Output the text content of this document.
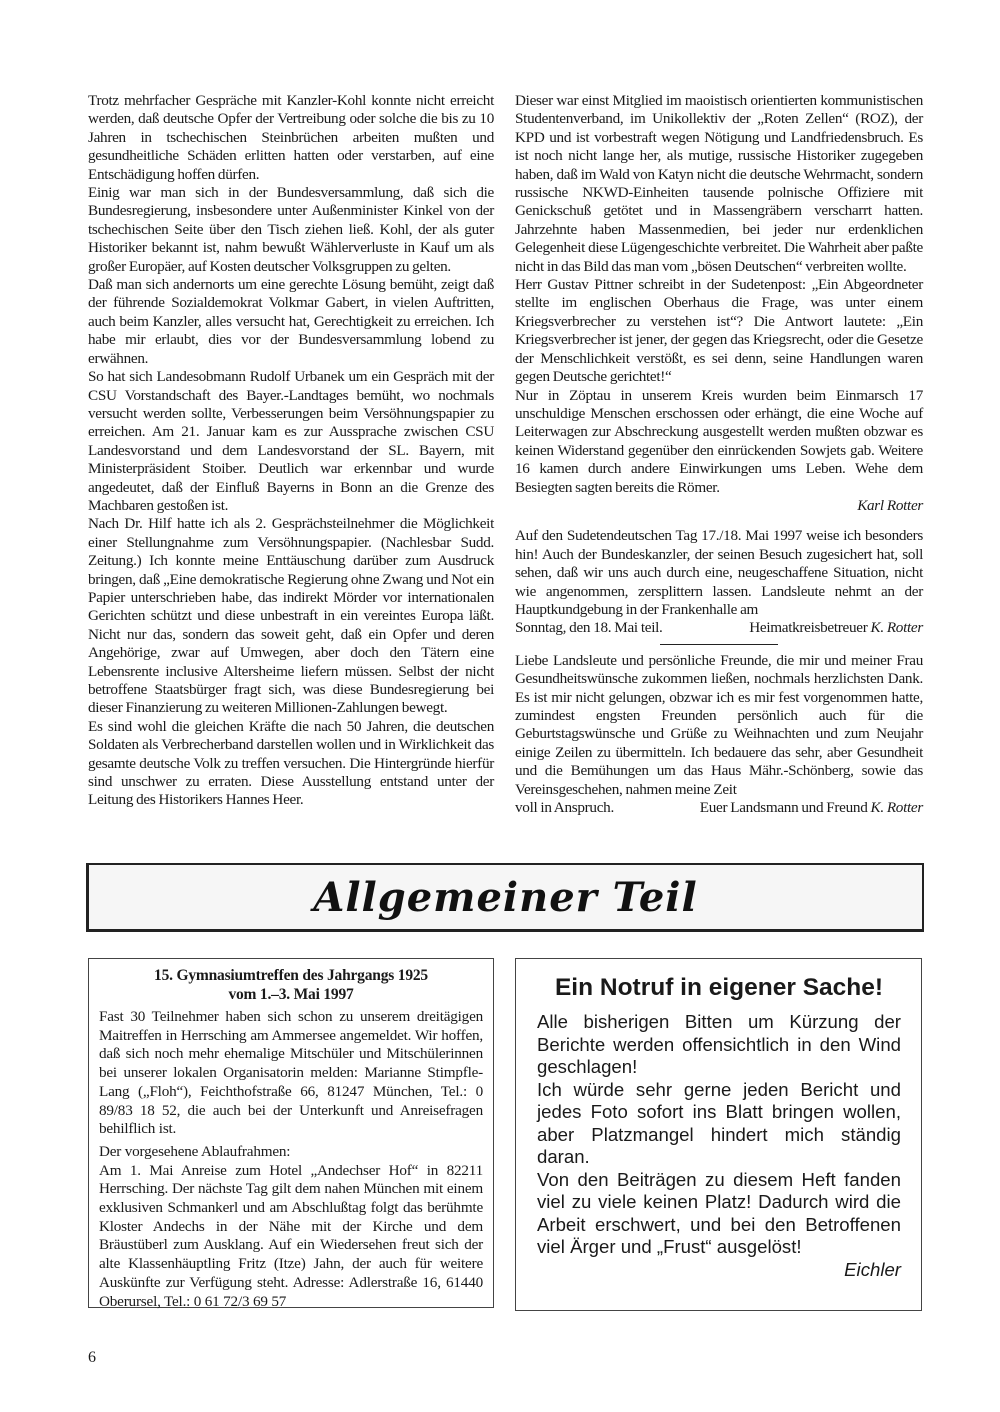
Trotz mehrfacher Gespräche mit Kanzler-Kohl konnte nicht erreicht werden, daß deutsche Opfer der Vertreibung oder solche die bis zu 10 Jahren in tschechischen Steinbrüchen arbeiten mußten und gesundheitliche Schäden erlitten hatten oder verstarben, auf eine Entschädigung hoffen dürfen.

Einig war man sich in der Bundesversammlung, daß sich die Bundesregierung, insbesondere unter Außenminister Kinkel von der tschechischen Seite über den Tisch ziehen ließ. Kohl, der als guter Historiker bekannt ist, nahm bewußt Wählerverluste in Kauf um als großer Europäer, auf Kosten deutscher Volksgruppen zu gelten.

Daß man sich andernorts um eine gerechte Lösung bemüht, zeigt daß der führende Sozialdemokrat Volkmar Gabert, in vielen Auftritten, auch beim Kanzler, alles versucht hat, Gerechtigkeit zu erreichen. Ich habe mir erlaubt, dies vor der Bundesversammlung lobend zu erwähnen.

So hat sich Landesobmann Rudolf Urbanek um ein Gespräch mit der CSU Vorstandschaft des Bayer.-Landtages bemüht, wo nochmals versucht werden sollte, Verbesserungen beim Versöhnungspapier zu erreichen. Am 21. Januar kam es zur Aussprache zwischen CSU Landesvorstand und dem Landesvorstand der SL. Bayern, mit Ministerpräsident Stoiber. Deutlich war erkennbar und wurde angedeutet, daß der Einfluß Bayerns in Bonn an die Grenze des Machbaren gestoßen ist.

Nach Dr. Hilf hatte ich als 2. Gesprächsteilnehmer die Möglichkeit einer Stellungnahme zum Versöhnungspapier. (Nachlesbar Sudd. Zeitung.) Ich konnte meine Enttäuschung darüber zum Ausdruck bringen, daß „Eine demokratische Regierung ohne Zwang und Not ein Papier unterschrieben habe, das indirekt Mörder vor internationalen Gerichten schützt und diese unbestraft in ein vereintes Europa läßt. Nicht nur das, sondern das soweit geht, daß ein Opfer und deren Angehörige, zwar auf Umwegen, aber doch den Tätern eine Lebensrente inclusive Altersheime liefern müssen. Selbst der nicht betroffene Staatsbürger fragt sich, was diese Bundesregierung bei dieser Finanzierung zu weiteren Millionen-Zahlungen bewegt.

Es sind wohl die gleichen Kräfte die nach 50 Jahren, die deutschen Soldaten als Verbrecherband darstellen wollen und in Wirklichkeit das gesamte deutsche Volk zu treffen versuchen. Die Hintergründe hierfür sind unschwer zu erraten. Diese Ausstellung entstand unter der Leitung des Historikers Hannes Heer.

Dieser war einst Mitglied im maoistisch orientierten kommunistischen Studentenverband, im Unikollektiv der „Roten Zellen“ (ROZ), der KPD und ist vorbestraft wegen Nötigung und Landfriedensbruch. Es ist noch nicht lange her, als mutige, russische Historiker zugegeben haben, daß im Wald von Katyn nicht die deutsche Wehrmacht, sondern russische NKWD-Einheiten tausende polnische Offiziere mit Genickschuß getötet und in Massengräbern verscharrt hatten. Jahrzehnte haben Massenmedien, bei jeder nur erdenklichen Gelegenheit diese Lügengeschichte verbreitet. Die Wahrheit aber paßte nicht in das Bild das man vom „bösen Deutschen“ verbreiten wollte.

Herr Gustav Pittner schreibt in der Sudetenpost: „Ein Abgeordneter stellte im englischen Oberhaus die Frage, was unter einem Kriegsverbrecher zu verstehen ist“? Die Antwort lautete: „Ein Kriegsverbrecher ist jener, der gegen das Kriegsrecht, oder die Gesetze der Menschlichkeit verstößt, es sei denn, seine Handlungen waren gegen Deutsche gerichtet!“

Nur in Zöptau in unserem Kreis wurden beim Einmarsch 17 unschuldige Menschen erschossen oder erhängt, die eine Woche auf Leiterwagen zur Abschreckung ausgestellt werden mußten obzwar es keinen Widerstand gegenüber den einrückenden Sowjets gab. Weitere 16 kamen durch andere Einwirkungen ums Leben. Wehe dem Besiegten sagten bereits die Römer.

Karl Rotter

Auf den Sudetendeutschen Tag 17./18. Mai 1997 weise ich besonders hin! Auch der Bundeskanzler, der seinen Besuch zugesichert hat, soll sehen, daß wir uns auch durch eine, neugeschaffene Situation, nicht wie angenommen, zersplittern lassen. Landsleute nehmt an der Hauptkundgebung in der Frankenhalle am

Sonntag, den 18. Mai teil.	Heimatkreisbetreuer K. Rotter

Liebe Landsleute und persönliche Freunde, die mir und meiner Frau Gesundheitswünsche zukommen ließen, nochmals herzlichsten Dank. Es ist mir nicht gelungen, obzwar ich es mir fest vorgenommen hatte, zumindest engsten Freunden persönlich auch für die Geburtstagswünsche und Grüße zu Weihnachten und zum Neujahr einige Zeilen zu übermitteln. Ich bedauere das sehr, aber Gesundheit und die Bemühungen um das Haus Mähr.-Schönberg, sowie das Vereinsgeschehen, nahmen meine Zeit

voll in Anspruch.	Euer Landsmann und Freund K. Rotter
Allgemeiner Teil
15. Gymnasiumtreffen des Jahrgangs 1925
vom 1.–3. Mai 1997

Fast 30 Teilnehmer haben sich schon zu unserem dreitägigen Maitreffen in Herrsching am Ammersee angemeldet. Wir hoffen, daß sich noch mehr ehemalige Mitschüler und Mitschülerinnen bei unserer lokalen Organisatorin melden: Marianne Stimpfle-Lang („Floh“), Feichthofstraße 66, 81247 München, Tel.: 0 89/83 18 52, die auch bei der Unterkunft und Anreisefragen behilflich ist.

Der vorgesehene Ablaufrahmen:

Am 1. Mai Anreise zum Hotel „Andechser Hof“ in 82211 Herrsching. Der nächste Tag gilt dem nahen München mit einem exklusiven Schmankerl und am Abschlußtag folgt das berühmte Kloster Andechs in der Nähe mit der Kirche und dem Bräustüberl zum Ausklang. Auf ein Wiedersehen freut sich der alte Klassenhäuptling Fritz (Itze) Jahn, der auch für weitere Auskünfte zur Verfügung steht. Adresse: Adlerstraße 16, 61440 Oberursel, Tel.: 0 61 72/3 69 57

Ein Notruf in eigener Sache!

Alle bisherigen Bitten um Kürzung der Berichte werden offensichtlich in den Wind geschlagen!

Ich würde sehr gerne jeden Bericht und jedes Foto sofort ins Blatt bringen wollen, aber Platzmangel hindert mich ständig daran.

Von den Beiträgen zu diesem Heft fanden viel zu viele keinen Platz! Dadurch wird die Arbeit erschwert, und bei den Betroffenen viel Ärger und „Frust“ ausgelöst!

Eichler
6
